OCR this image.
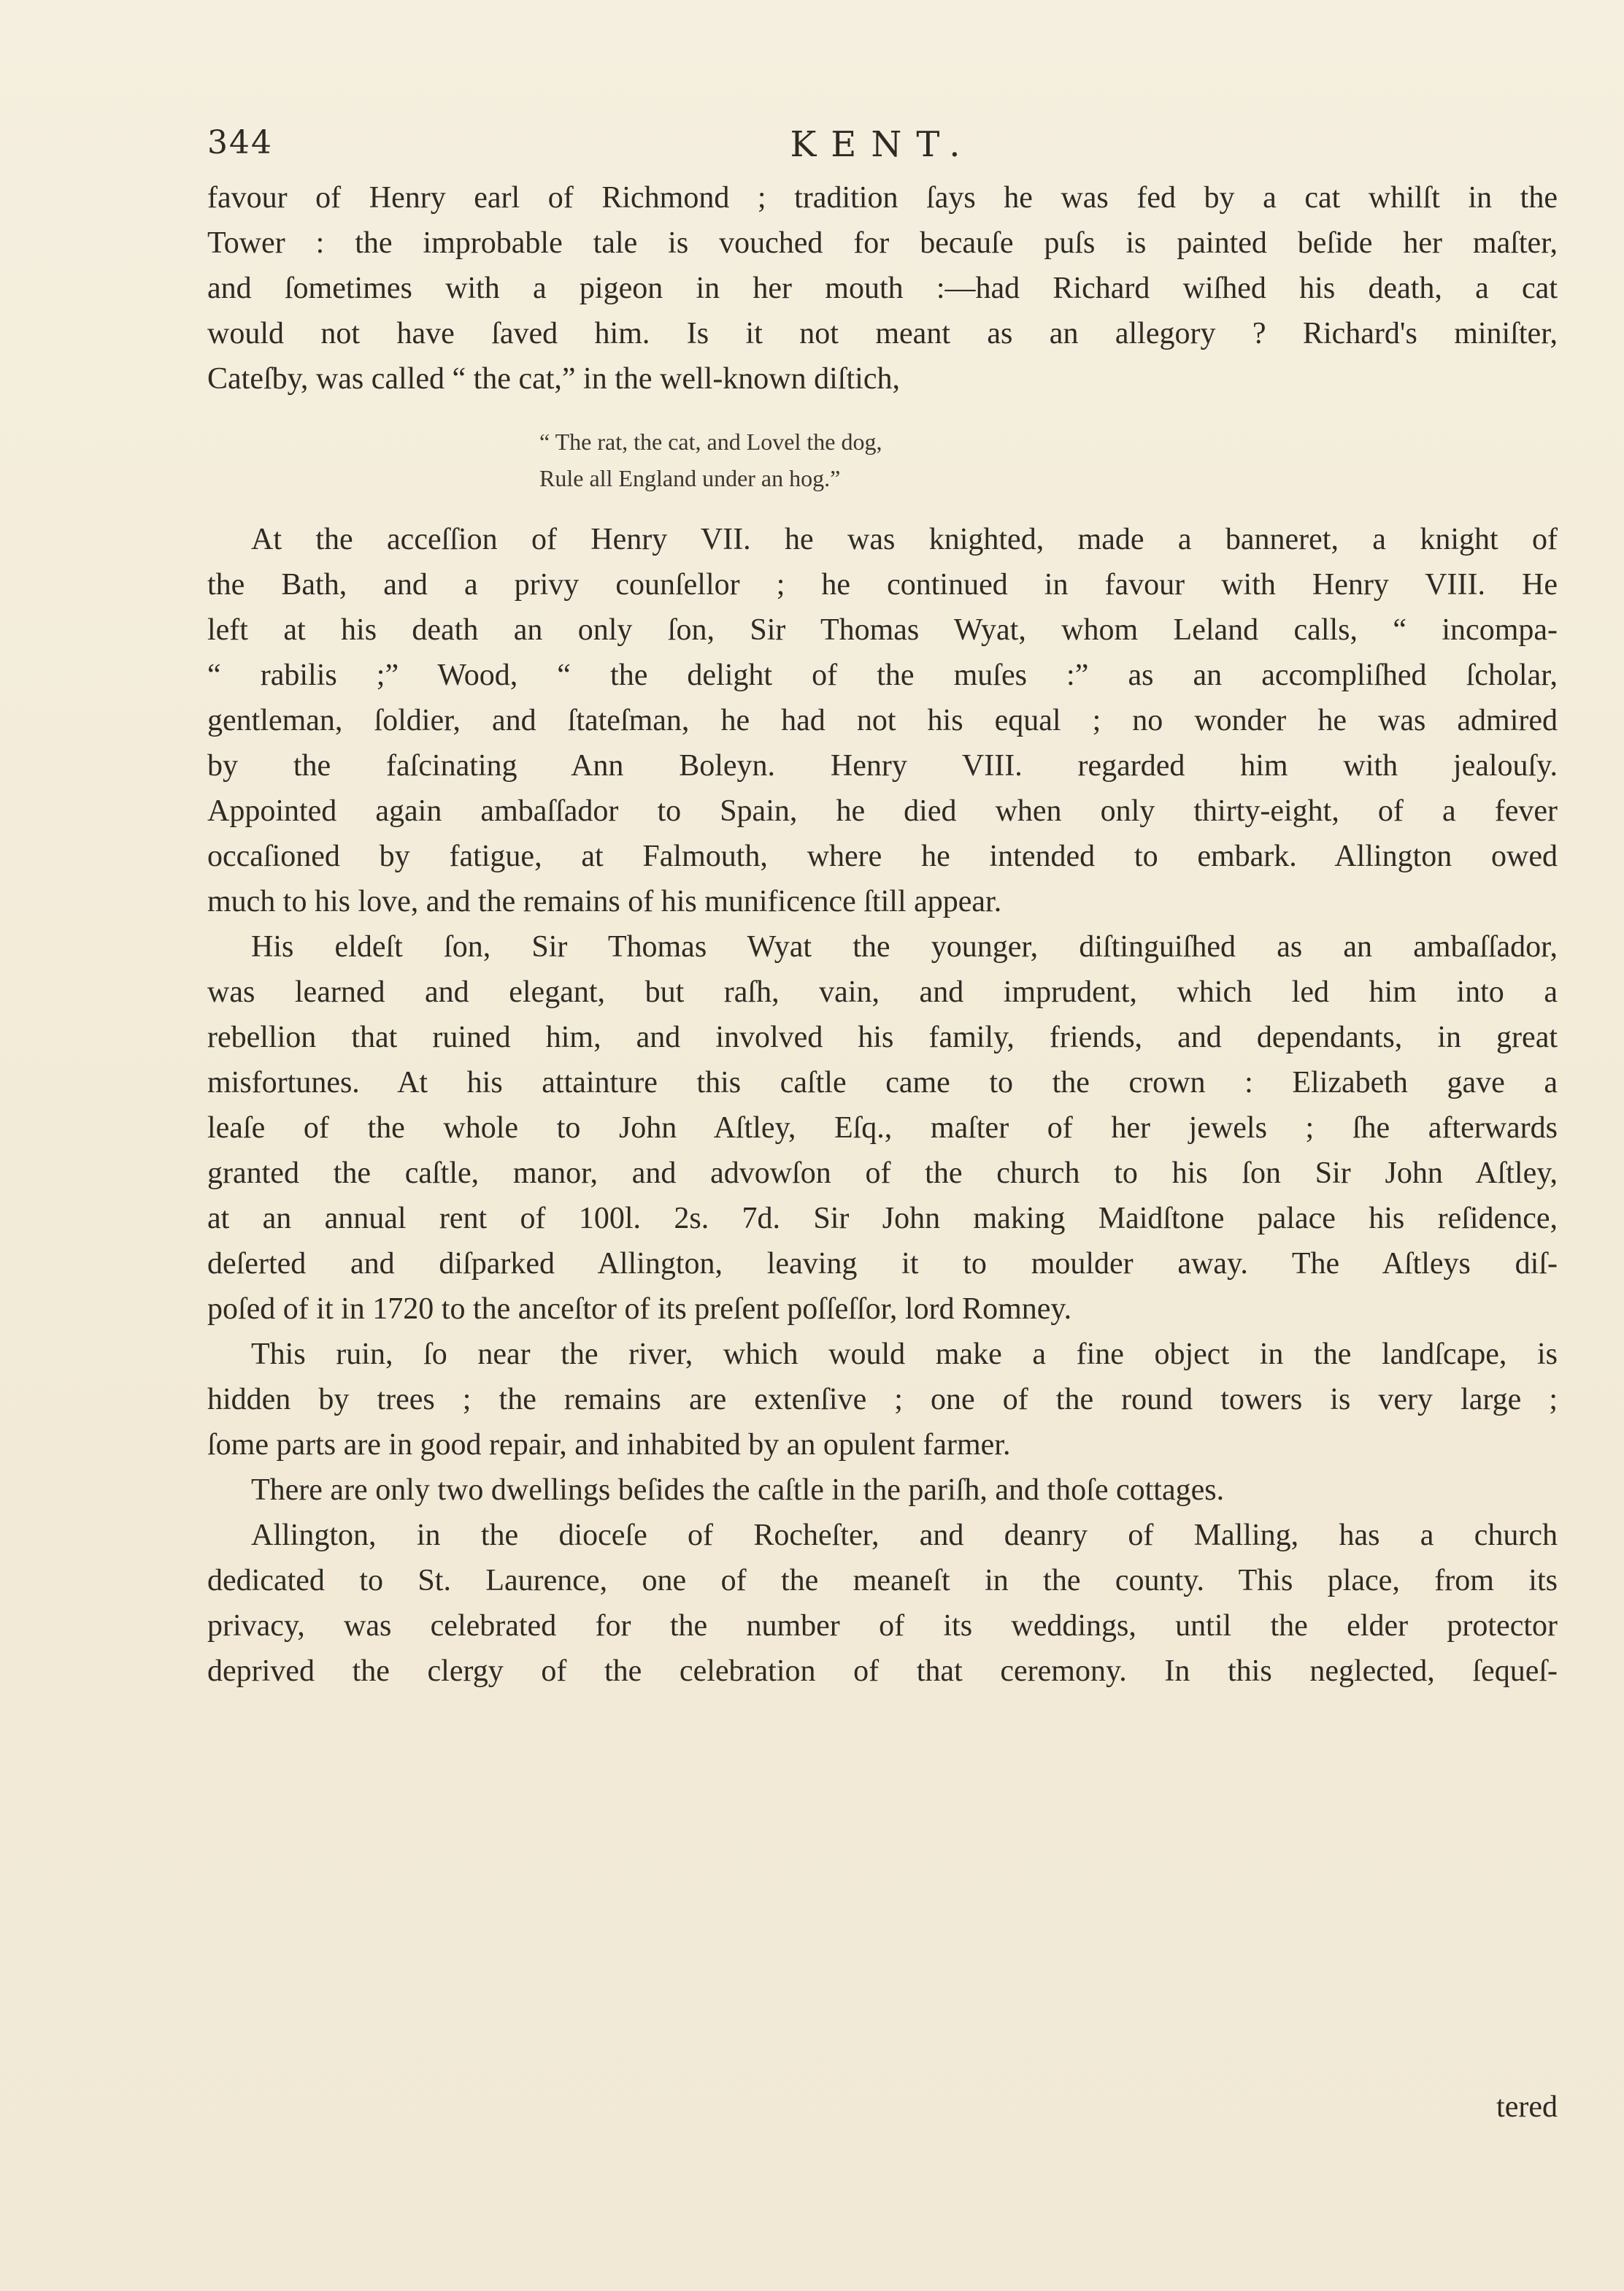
344	KENT.

favour of Henry earl of Richmond ; tradition ſays he was fed by a cat whilſt in the
Tower : the improbable tale is vouched for becauſe puſs is painted beſide her maſter,
and ſometimes with a pigeon in her mouth :—had Richard wiſhed his death, a cat
would not have ſaved him. Is it not meant as an allegory ? Richard's miniſter,
Cateſby, was called “ the cat,” in the well-known diſtich,

“ The rat, the cat, and Lovel the dog,
Rule all England under an hog.”

At the acceſſion of Henry VII. he was knighted, made a banneret, a knight of
the Bath, and a privy counſellor ; he continued in favour with Henry VIII. He
left at his death an only ſon, Sir Thomas Wyat, whom Leland calls, “ incompa-
“ rabilis ;” Wood, “ the delight of the muſes :” as an accompliſhed ſcholar,
gentleman, ſoldier, and ſtateſman, he had not his equal ; no wonder he was admired
by the faſcinating Ann Boleyn. Henry VIII. regarded him with jealouſy.
Appointed again ambaſſador to Spain, he died when only thirty-eight, of a fever
occaſioned by fatigue, at Falmouth, where he intended to embark. Allington owed
much to his love, and the remains of his munificence ſtill appear.

His eldeſt ſon, Sir Thomas Wyat the younger, diſtinguiſhed as an ambaſſador,
was learned and elegant, but raſh, vain, and imprudent, which led him into a
rebellion that ruined him, and involved his family, friends, and dependants, in great
misfortunes. At his attainture this caſtle came to the crown : Elizabeth gave a
leaſe of the whole to John Aſtley, Eſq., maſter of her jewels ; ſhe afterwards
granted the caſtle, manor, and advowſon of the church to his ſon Sir John Aſtley,
at an annual rent of 100l. 2s. 7d. Sir John making Maidſtone palace his reſidence,
deſerted and diſparked Allington, leaving it to moulder away. The Aſtleys diſ-
poſed of it in 1720 to the anceſtor of its preſent poſſeſſor, lord Romney.

This ruin, ſo near the river, which would make a fine object in the landſcape, is
hidden by trees ; the remains are extenſive ; one of the round towers is very large ;
ſome parts are in good repair, and inhabited by an opulent farmer.

There are only two dwellings beſides the caſtle in the pariſh, and thoſe cottages.

Allington, in the dioceſe of Rocheſter, and deanry of Malling, has a church
dedicated to St. Laurence, one of the meaneſt in the county. This place, from its
privacy, was celebrated for the number of its weddings, until the elder protector
deprived the clergy of the celebration of that ceremony. In this neglected, ſequeſ-

tered
